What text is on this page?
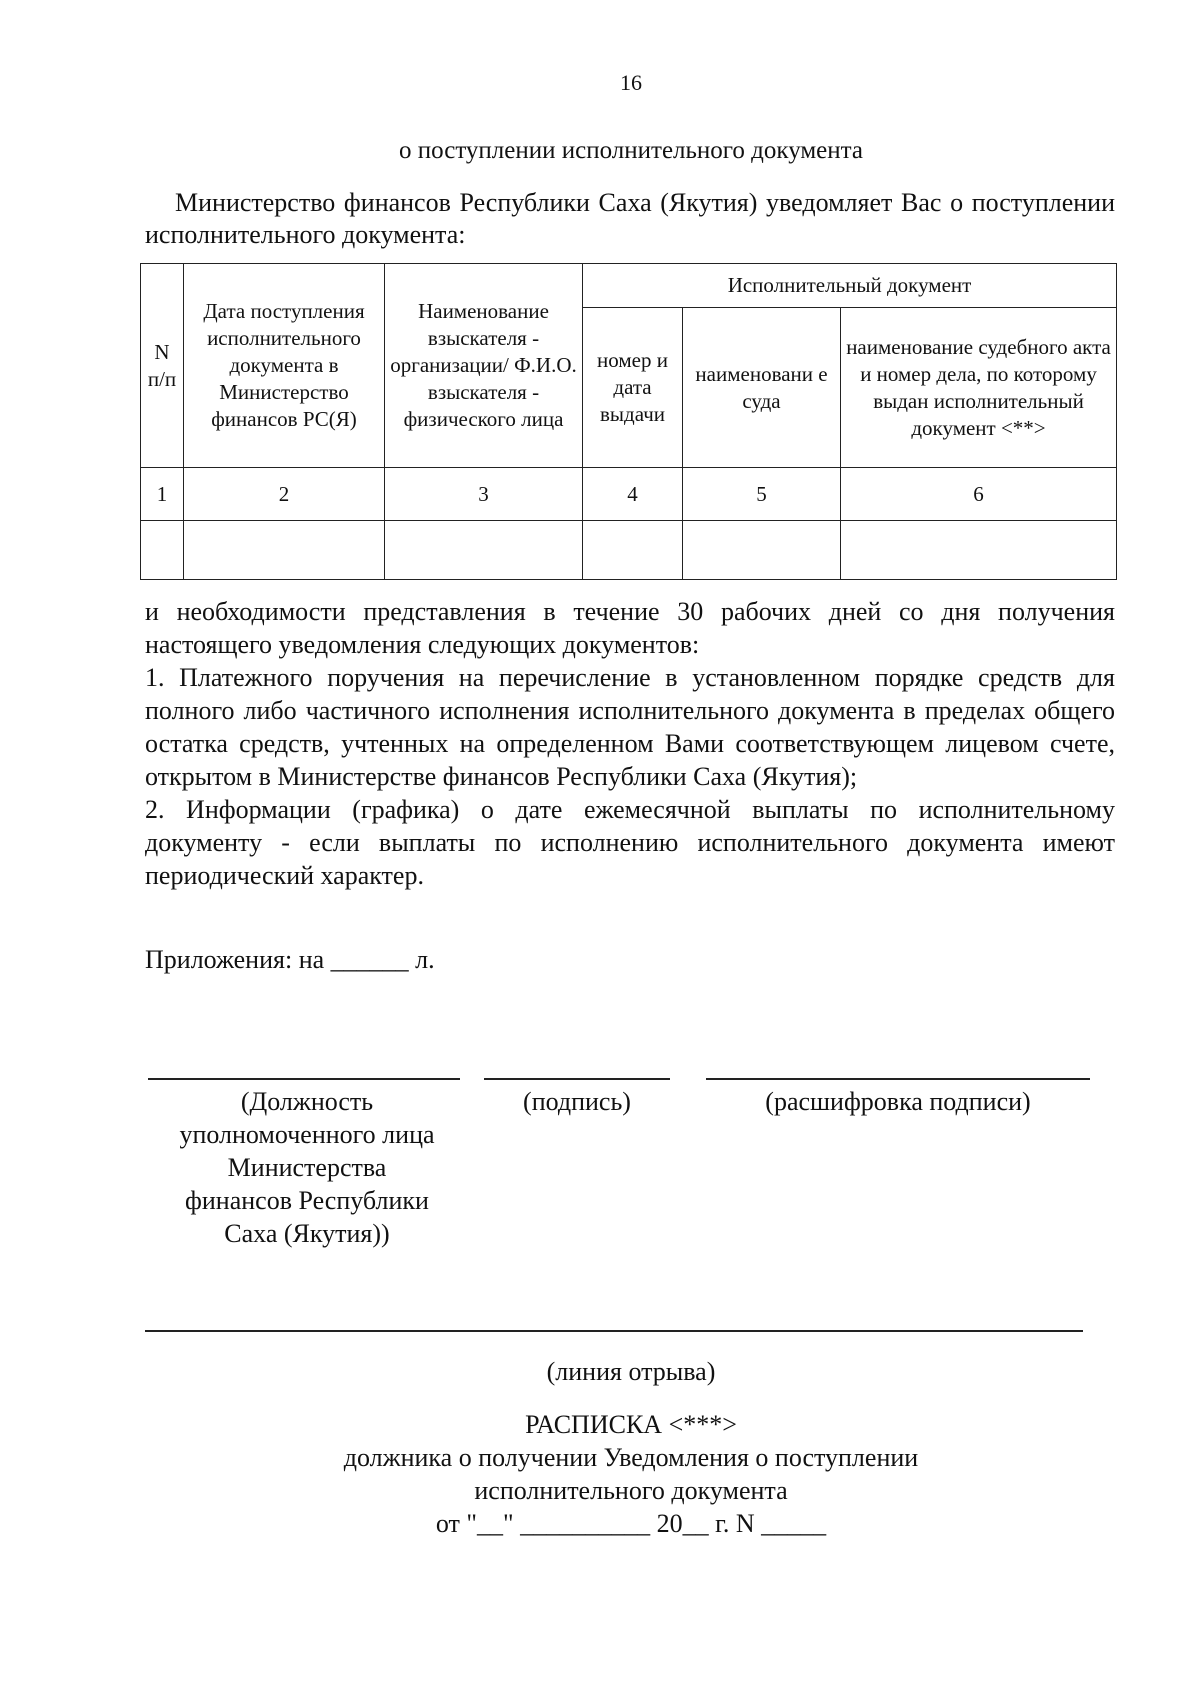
16
о поступлении исполнительного документа
Министерство финансов Республики Саха (Якутия) уведомляет Вас о поступлении исполнительного документа:
N п/п	Дата поступления исполнительного документа в Министерство финансов РС(Я)	Наименование взыскателя - организации/ Ф.И.О. взыскателя - физического лица	Исполнительный документ		
			номер и дата выдачи	наименовани е суда	наименование судебного акта и номер дела, по которому выдан исполнительный документ <**>
1	2	3	4	5	6

и необходимости представления в течение 30 рабочих дней со дня получения настоящего уведомления следующих документов:

1. Платежного поручения на перечисление в установленном порядке средств для полного либо частичного исполнения исполнительного документа в пределах общего остатка средств, учтенных на определенном Вами соответствующем лицевом счете, открытом в Министерстве финансов Республики Саха (Якутия);

2. Информации (графика) о дате ежемесячной выплаты по исполнительному документу - если выплаты по исполнению исполнительного документа имеют периодический характер.

Приложения: на ______ л.
(Должность уполномоченного лица Министерства финансов Республики Саха (Якутия))
(подпись)	(расшифровка подписи)
(линия отрыва)
РАСПИСКА <***>
должника о получении Уведомления о поступлении
исполнительного документа
от "__" __________ 20__ г. N _____
